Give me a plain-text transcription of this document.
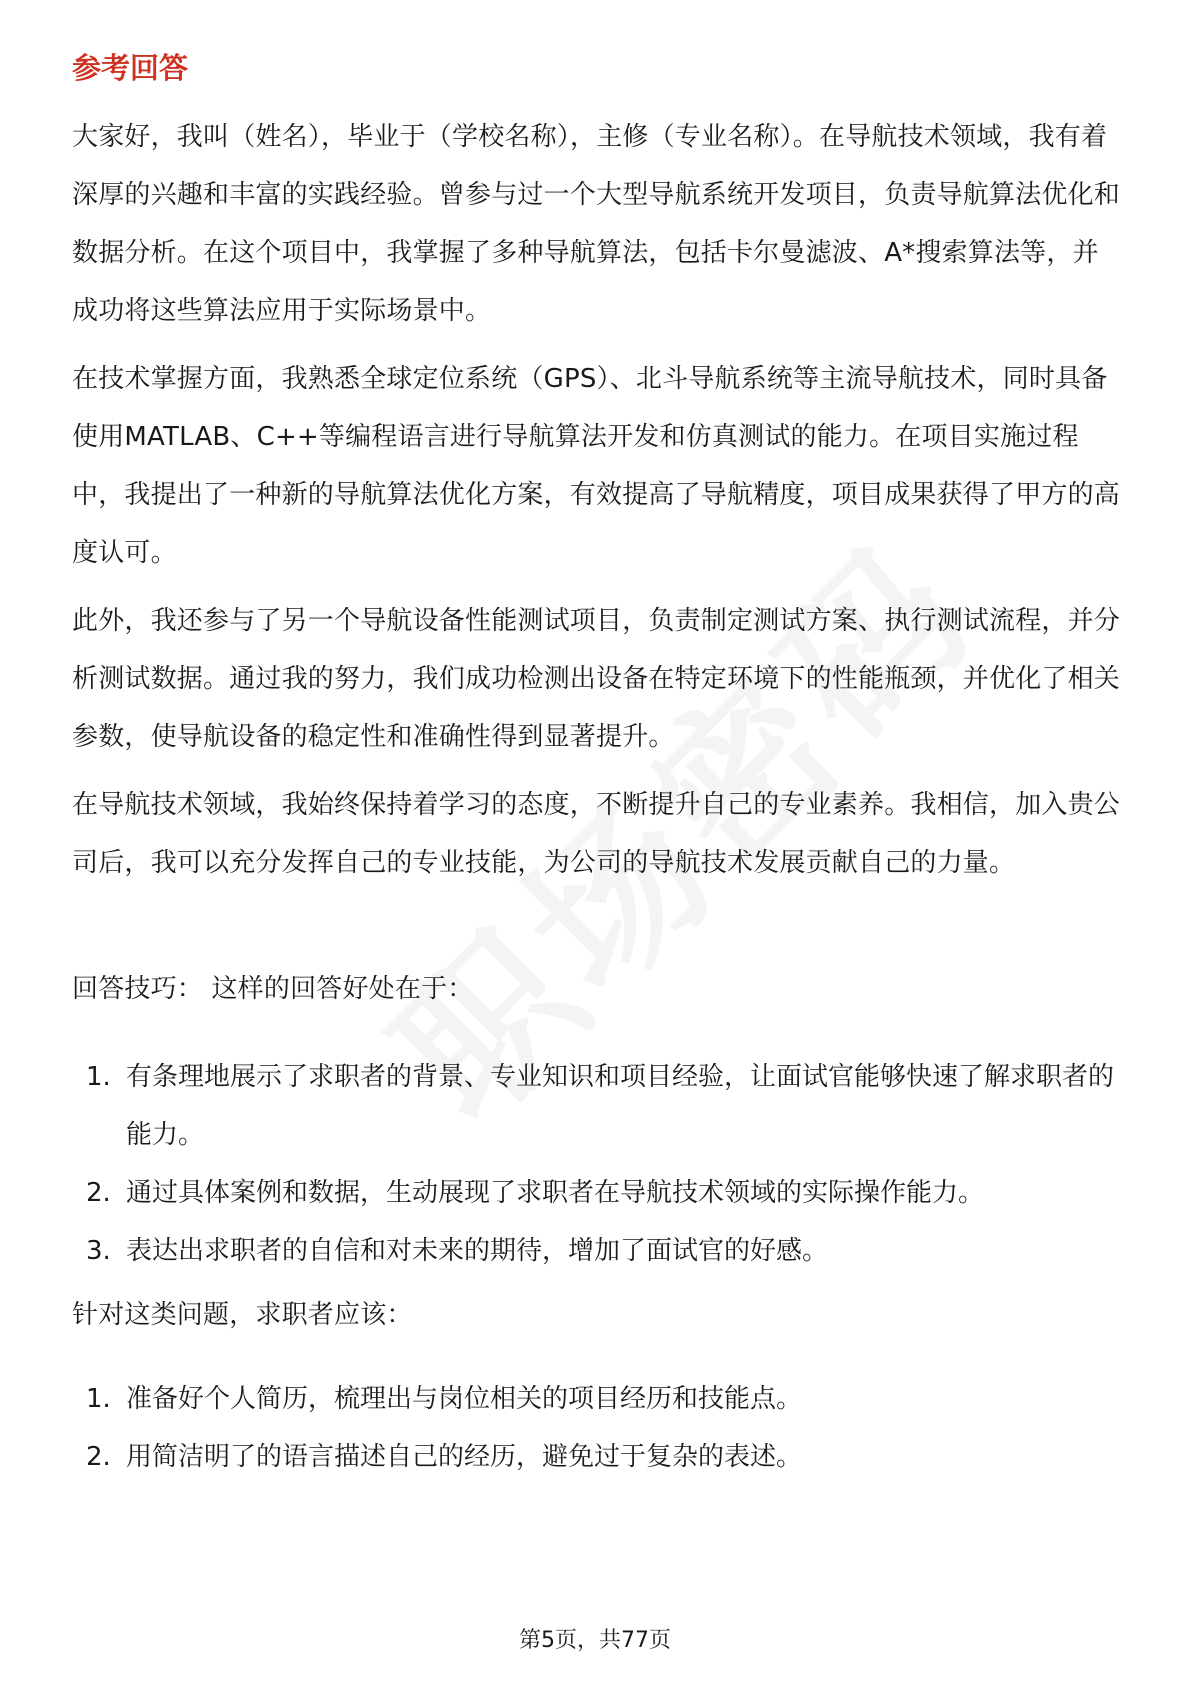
参考回答

大家好，我叫（姓名），毕业于（学校名称），主修（专业名称）。在导航技术领域，我有着深厚的兴趣和丰富的实践经验。曾参与过一个大型导航系统开发项目，负责导航算法优化和数据分析。在这个项目中，我掌握了多种导航算法，包括卡尔曼滤波、A*搜索算法等，并成功将这些算法应用于实际场景中。

在技术掌握方面，我熟悉全球定位系统（GPS）、北斗导航系统等主流导航技术，同时具备使用MATLAB、C++等编程语言进行导航算法开发和仿真测试的能力。在项目实施过程中，我提出了一种新的导航算法优化方案，有效提高了导航精度，项目成果获得了甲方的高度认可。

此外，我还参与了另一个导航设备性能测试项目，负责制定测试方案、执行测试流程，并分析测试数据。通过我的努力，我们成功检测出设备在特定环境下的性能瓶颈，并优化了相关参数，使导航设备的稳定性和准确性得到显著提升。

在导航技术领域，我始终保持着学习的态度，不断提升自己的专业素养。我相信，加入贵公司后，我可以充分发挥自己的专业技能，为公司的导航技术发展贡献自己的力量。

回答技巧： 这样的回答好处在于：

1. 有条理地展示了求职者的背景、专业知识和项目经验，让面试官能够快速了解求职者的能力。
2. 通过具体案例和数据，生动展现了求职者在导航技术领域的实际操作能力。
3. 表达出求职者的自信和对未来的期待，增加了面试官的好感。

针对这类问题，求职者应该：

1. 准备好个人简历，梳理出与岗位相关的项目经历和技能点。
2. 用简洁明了的语言描述自己的经历，避免过于复杂的表述。
第5页，共77页
